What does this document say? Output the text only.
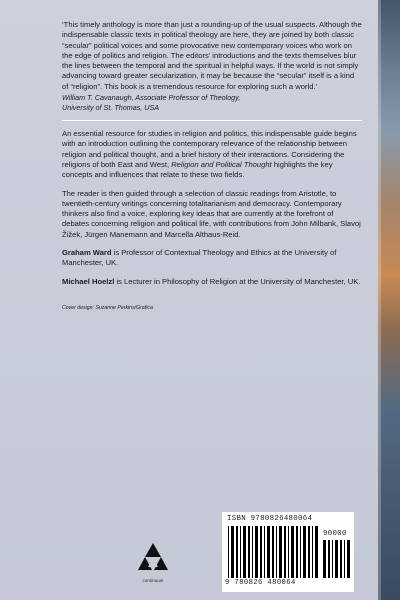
‘This timely anthology is more than just a rounding-up of the usual suspects. Although the indispensable classic texts in political theology are here, they are joined by both classic “secular” political voices and some provocative new contemporary voices who work on the edge of politics and religion. The editors’ introductions and the texts themselves blur the lines between the temporal and the spiritual in helpful ways. If the world is not simply advancing toward greater secularization, it may be because the “secular” itself is a kind of “religion”. This book is a tremendous resource for exploring such a world.’

William T. Cavanaugh, Associate Professor of Theology,
University of St. Thomas, USA

An essential resource for studies in religion and politics, this indispensable guide begins with an introduction outlining the contemporary relevance of the relationship between religion and political thought, and a brief history of their interactions. Considering the religions of both East and West, Religion and Political Thought highlights the key concepts and influences that relate to these two fields.

The reader is then guided through a selection of classic readings from Aristotle, to twentieth-century writings concerning totalitarianism and democracy. Contemporary thinkers also find a voice, exploring key ideas that are currently at the forefront of debates concerning religion and political life, with contributions from John Milbank, Slavoj Žižek, Jürgen Manemann and Marcella Althaus-Reid.

Graham Ward is Professor of Contextual Theology and Ethics at the University of Manchester, UK.

Michael Hoelzl is Lecturer in Philosophy of Religion at the University of Manchester, UK.

Cover design: Suzanne Perkins/Grafica

continuum
ISBN 9780826480064
90000
9 780826 480064
